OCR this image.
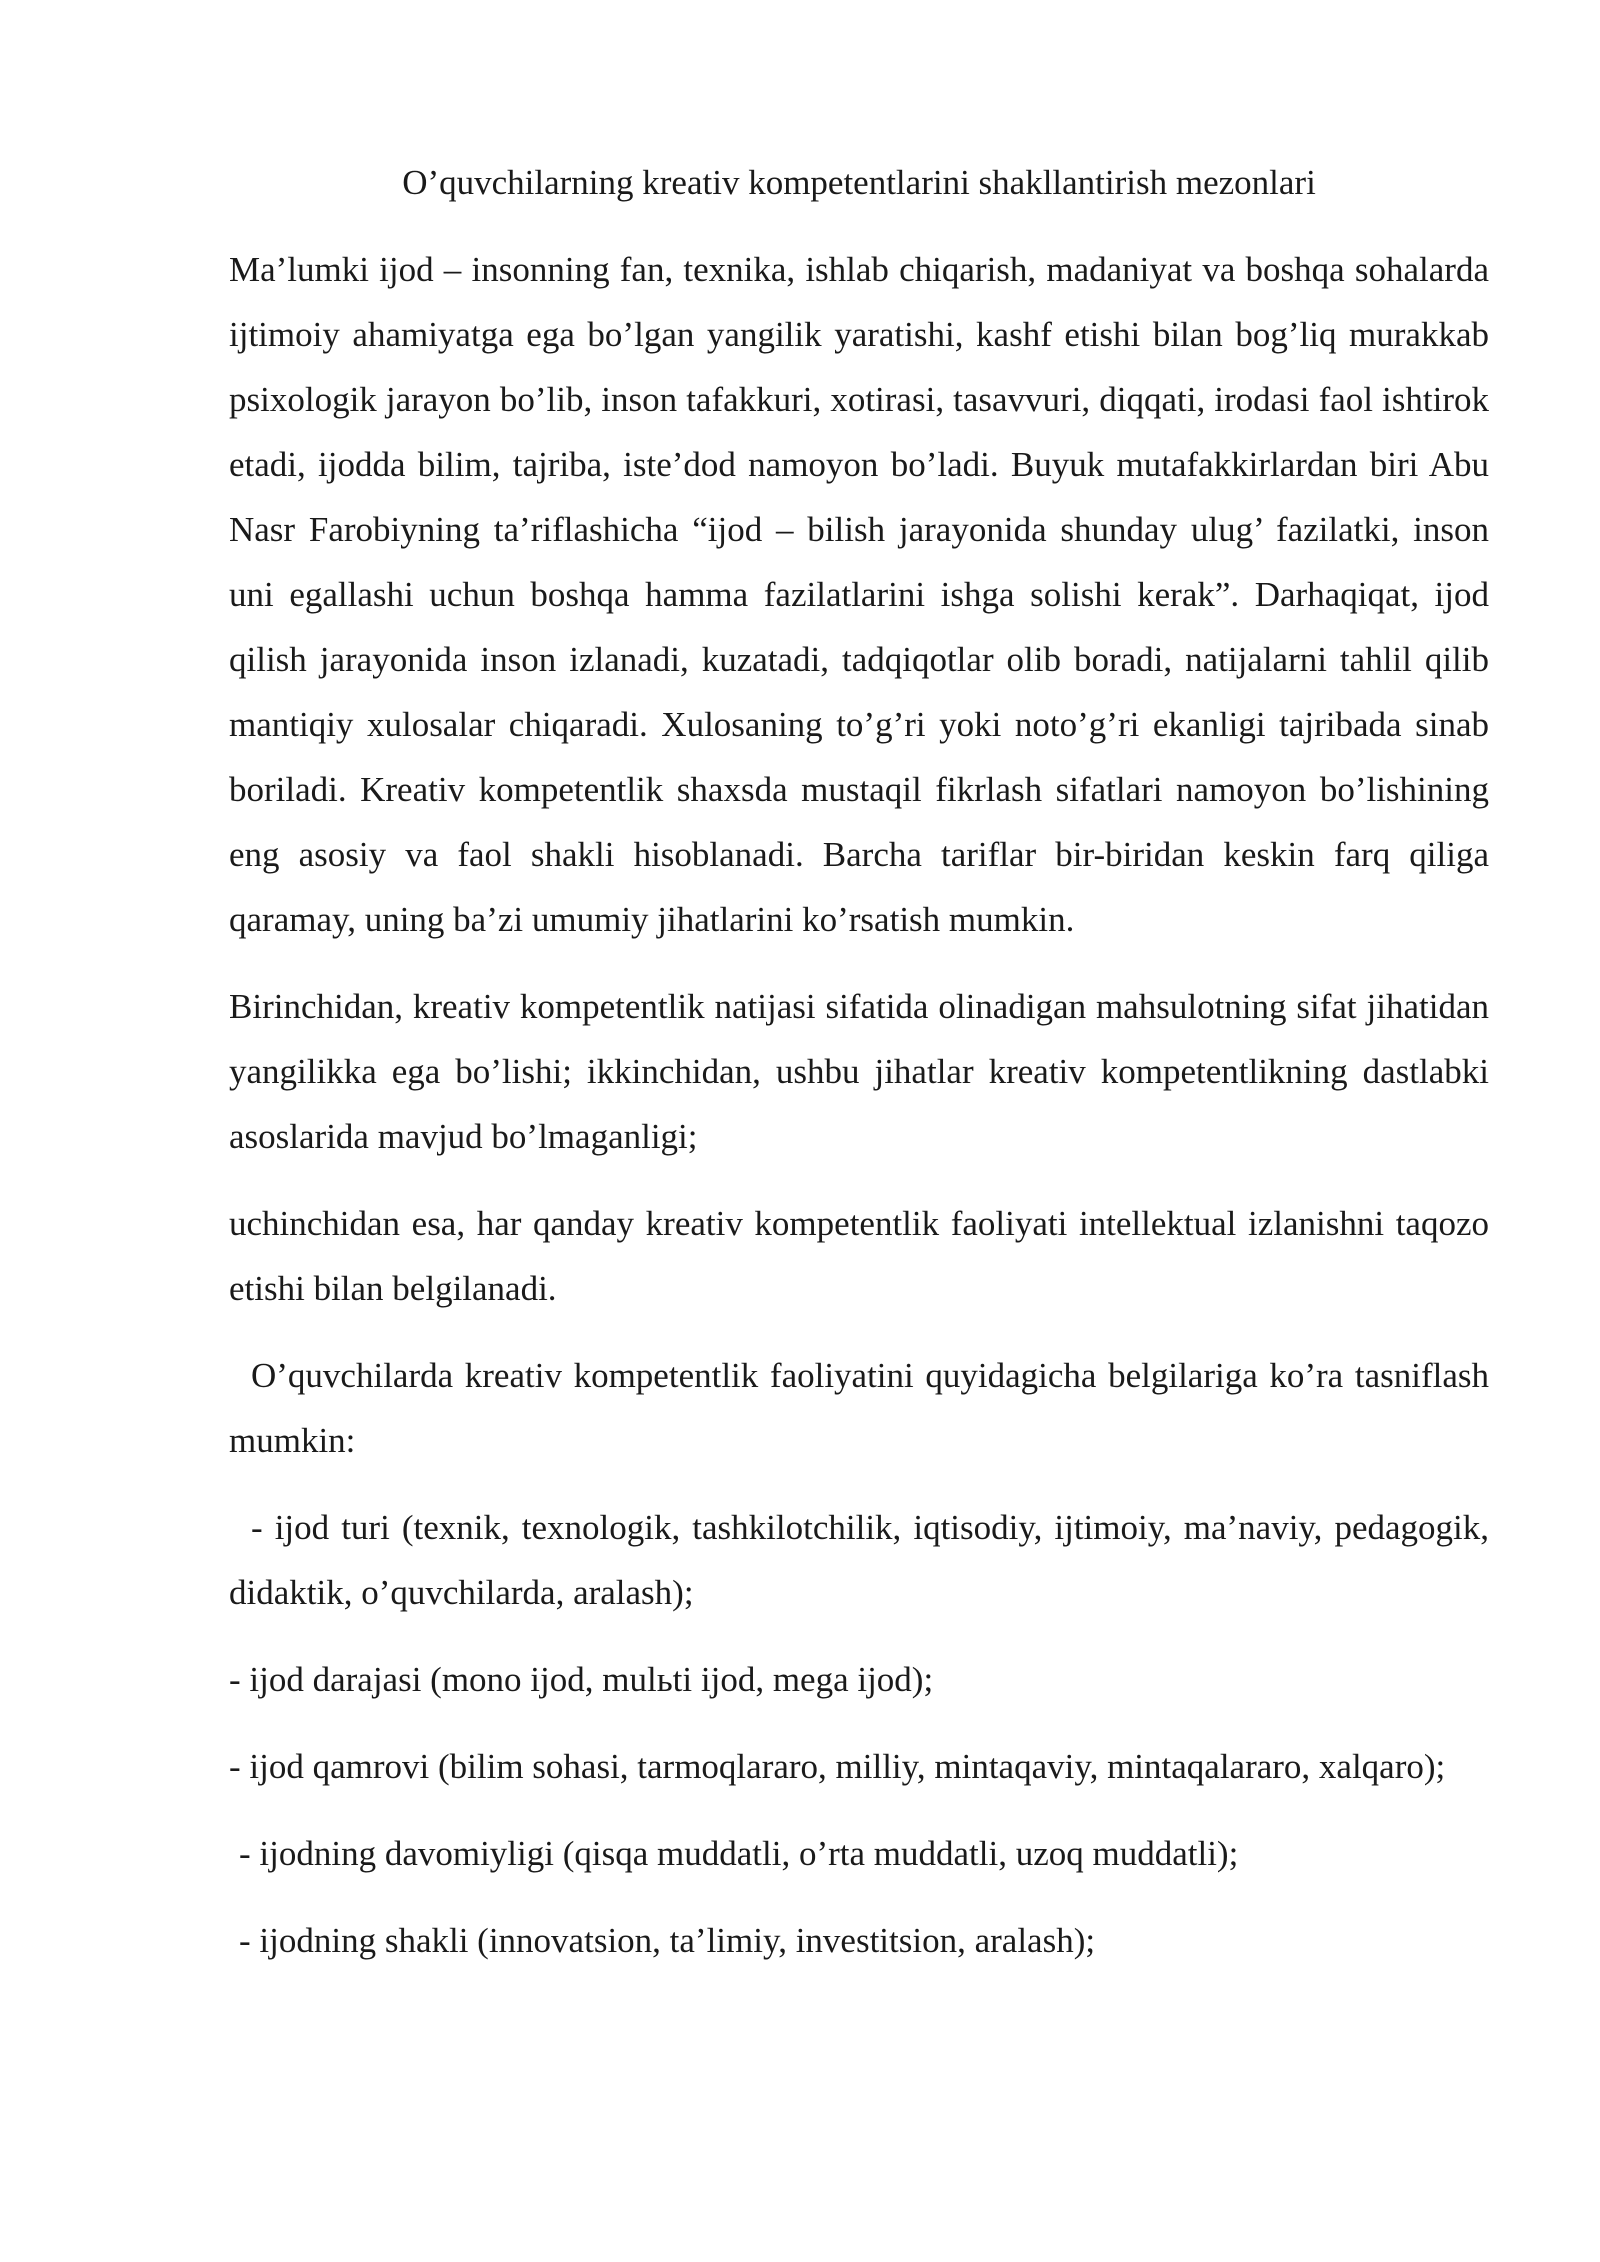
O’quvchilarning kreativ kompetentlarini shakllantirish mezonlari

Ma’lumki ijod – insonning fan, texnika, ishlab chiqarish, madaniyat va boshqa sohalarda ijtimoiy ahamiyatga ega bo’lgan yangilik yaratishi, kashf etishi bilan bog’liq murakkab psixologik jarayon bo’lib, inson tafakkuri, xotirasi, tasavvuri, diqqati, irodasi faol ishtirok etadi, ijodda bilim, tajriba, iste’dod namoyon bo’ladi. Buyuk mutafakkirlardan biri Abu Nasr Farobiyning ta’riflashicha “ijod – bilish jarayonida shunday ulug’ fazilatki, inson uni egallashi uchun boshqa hamma fazilatlarini ishga solishi kerak”. Darhaqiqat, ijod qilish jarayonida inson izlanadi, kuzatadi, tadqiqotlar olib boradi, natijalarni tahlil qilib mantiqiy xulosalar chiqaradi. Xulosaning to’g’ri yoki noto’g’ri ekanligi tajribada sinab boriladi. Kreativ kompetentlik shaxsda mustaqil fikrlash sifatlari namoyon bo’lishining eng asosiy va faol shakli hisoblanadi. Barcha tariflar bir-biridan keskin farq qiliga qaramay, uning ba’zi umumiy jihatlarini ko’rsatish mumkin.

Birinchidan, kreativ kompetentlik natijasi sifatida olinadigan mahsulotning sifat jihatidan yangilikka ega bo’lishi; ikkinchidan, ushbu jihatlar kreativ kompetentlikning dastlabki asoslarida mavjud bo’lmaganligi;

uchinchidan esa, har qanday kreativ kompetentlik faoliyati intellektual izlanishni taqozo etishi bilan belgilanadi.

O’quvchilarda kreativ kompetentlik faoliyatini quyidagicha belgilariga ko’ra tasniflash mumkin:

- ijod turi (texnik, texnologik, tashkilotchilik, iqtisodiy, ijtimoiy, ma’naviy, pedagogik, didaktik, o’quvchilarda, aralash);

- ijod darajasi (mono ijod, mulьti ijod, mega ijod);

- ijod qamrovi (bilim sohasi, tarmoqlararo, milliy, mintaqaviy, mintaqalararo, xalqaro);

- ijodning davomiyligi (qisqa muddatli, o’rta muddatli, uzoq muddatli);

- ijodning shakli (innovatsion, ta’limiy, investitsion, aralash);
